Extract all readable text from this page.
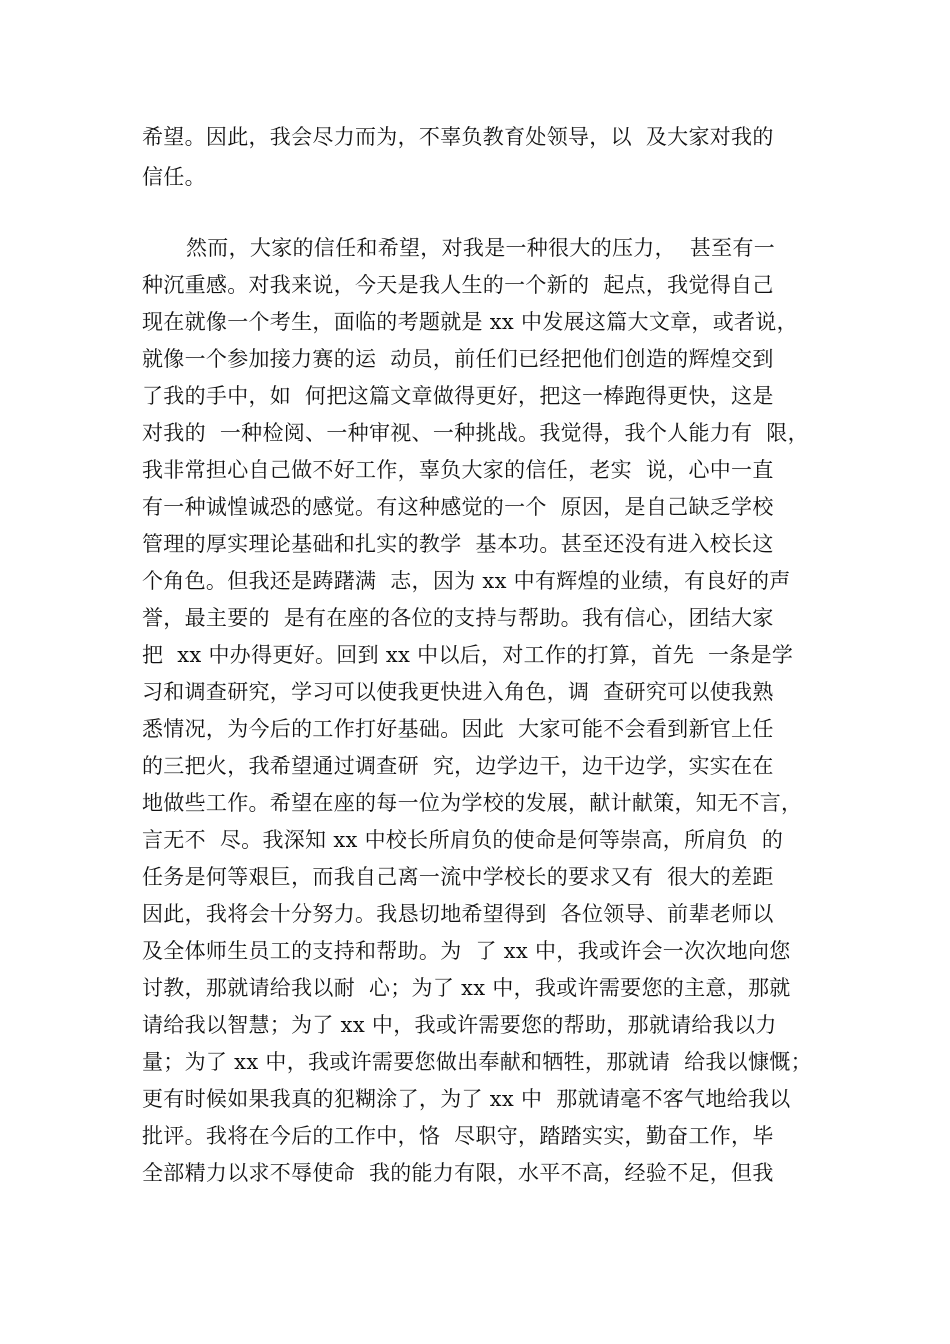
希望。因此，我会尽力而为，不辜负教育处领导，以  及大家对我的
信任。
然而，大家的信任和希望，对我是一种很大的压力，  甚至有一
种沉重感。对我来说，今天是我人生的一个新的  起点，我觉得自己
现在就像一个考生，面临的考题就是 xx 中发展这篇大文章，或者说，
就像一个参加接力赛的运  动员，前任们已经把他们创造的辉煌交到
了我的手中，如  何把这篇文章做得更好，把这一棒跑得更快，这是
对我的  一种检阅、一种审视、一种挑战。我觉得，我个人能力有  限，
我非常担心自己做不好工作，辜负大家的信任，老实  说，心中一直
有一种诚惶诚恐的感觉。有这种感觉的一个  原因，是自己缺乏学校
管理的厚实理论基础和扎实的教学  基本功。甚至还没有进入校长这
个角色。但我还是踌躇满  志，因为 xx 中有辉煌的业绩，有良好的声
誉，最主要的  是有在座的各位的支持与帮助。我有信心，团结大家
把  xx 中办得更好。回到 xx 中以后，对工作的打算，首先  一条是学
习和调查研究，学习可以使我更快进入角色，调  查研究可以使我熟
悉情况，为今后的工作打好基础。因此  大家可能不会看到新官上任
的三把火，我希望通过调查研  究，边学边干，边干边学，实实在在
地做些工作。希望在座的每一位为学校的发展，献计献策，知无不言，
言无不  尽。我深知 xx 中校长所肩负的使命是何等崇高，所肩负  的
任务是何等艰巨，而我自己离一流中学校长的要求又有  很大的差距
因此，我将会十分努力。我恳切地希望得到  各位领导、前辈老师以
及全体师生员工的支持和帮助。为  了 xx 中，我或许会一次次地向您
讨教，那就请给我以耐  心；为了 xx 中，我或许需要您的主意，那就
请给我以智慧；为了 xx 中，我或许需要您的帮助，那就请给我以力
量；为了 xx 中，我或许需要您做出奉献和牺牲，那就请  给我以慷慨；
更有时候如果我真的犯糊涂了，为了 xx 中  那就请毫不客气地给我以
批评。我将在今后的工作中，恪  尽职守，踏踏实实，勤奋工作，毕
全部精力以求不辱使命  我的能力有限，水平不高，经验不足，但我
